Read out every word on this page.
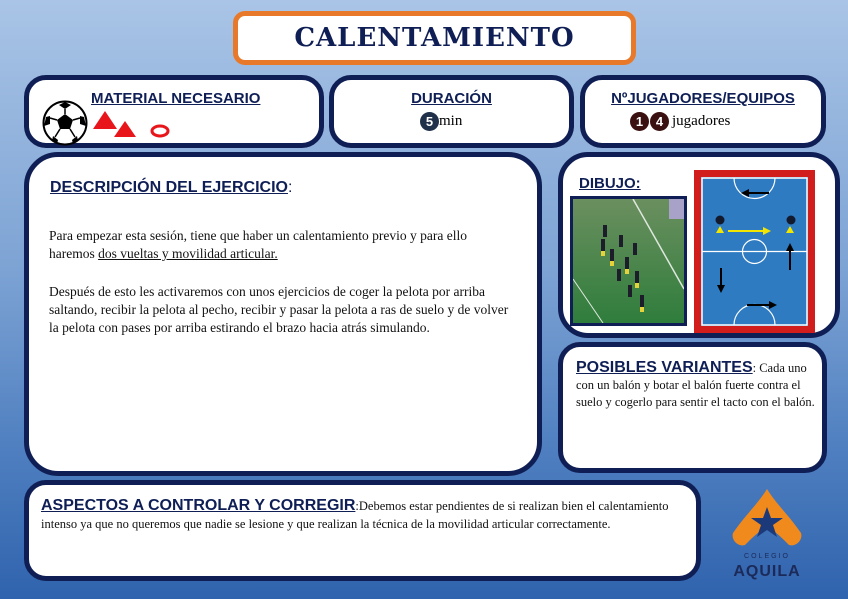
CALENTAMIENTO
MATERIAL NECESARIO	DURACIÓN
5 min
NºJUGADORES/EQUIPOS
1 4 jugadores
DESCRIPCIÓN DEL EJERCICIO:

Para empezar esta sesión, tiene que haber un calentamiento previo y para ello haremos dos vueltas y movilidad articular.

Después de esto les activaremos con unos ejercicios de coger la pelota por arriba saltando, recibir la pelota al pecho, recibir y pasar la pelota a ras de suelo y de volver la pelota con pases por arriba estirando el brazo hacia atrás simulando.

DIBUJO:

POSIBLES VARIANTES: Cada uno con un balón y botar el balón fuerte contra el suelo y cogerlo para sentir el tacto con el balón.

ASPECTOS A CONTROLAR Y CORREGIR:Debemos estar pendientes de si realizan bien el calentamiento intenso ya que no queremos que nadie se lesione y que realizan la técnica de la movilidad articular correctamente.

COLEGIO
AQUILA
